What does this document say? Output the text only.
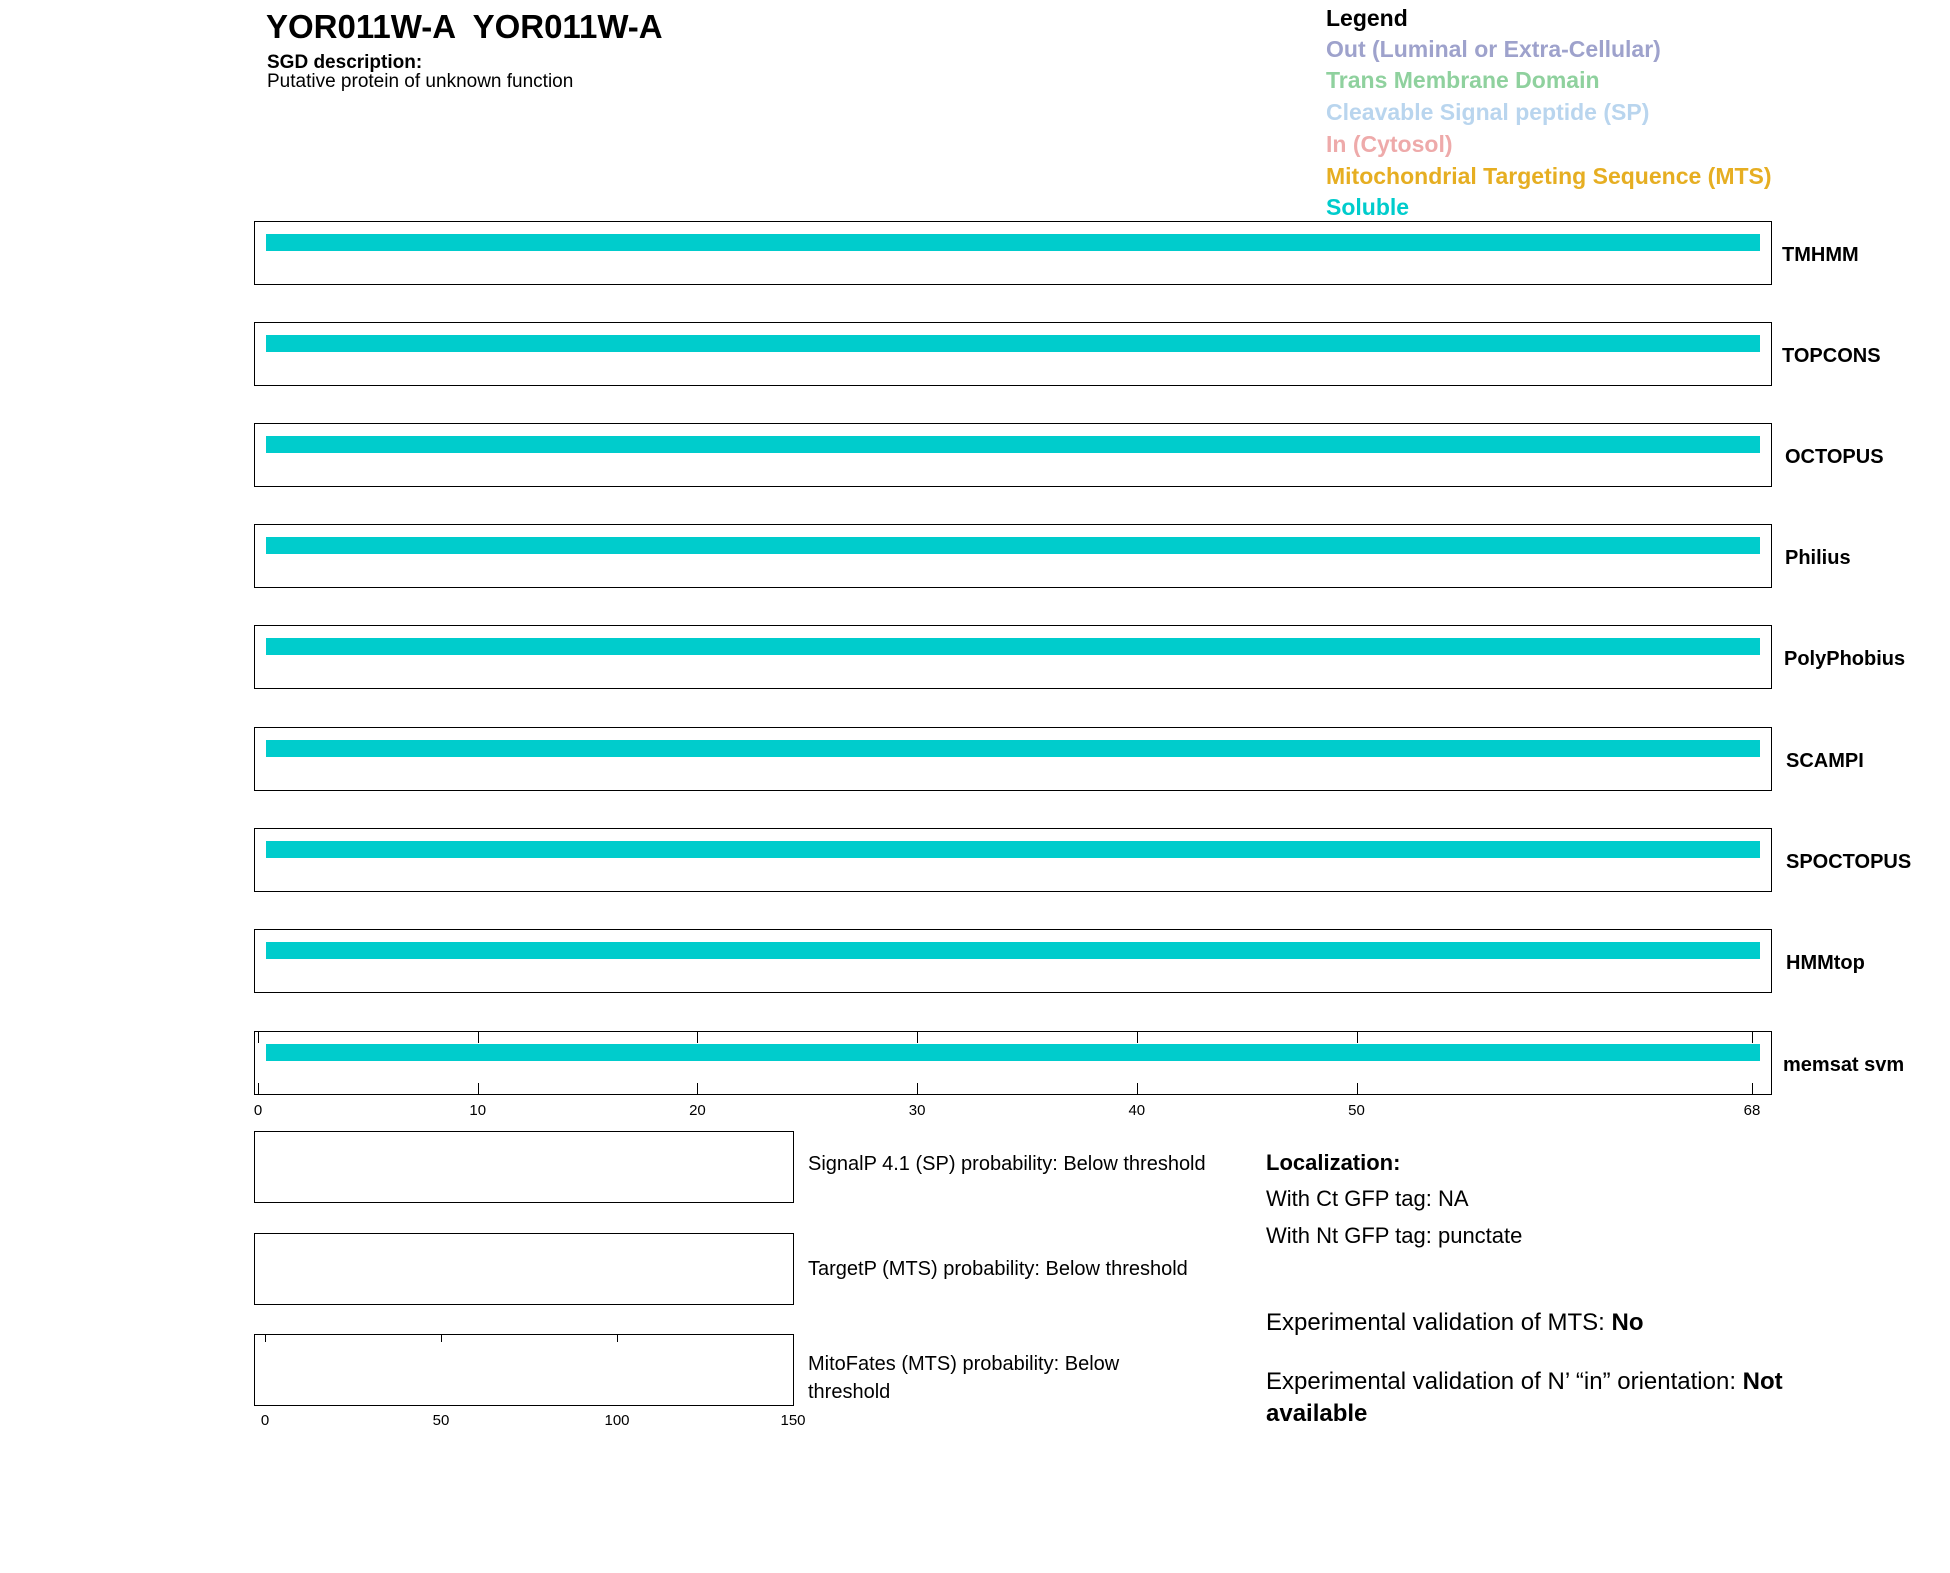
YOR011W-A  YOR011W-A
SGD description:
Putative protein of unknown function
Legend
Out (Luminal or Extra-Cellular)
Trans Membrane Domain
Cleavable Signal peptide (SP)
In (Cytosol)
Mitochondrial Targeting Sequence (MTS)
Soluble
TMHMM
TOPCONS
OCTOPUS
Philius
PolyPhobius
SCAMPI
SPOCTOPUS
HMMtop
memsat svm
0	10	20	30	40	50	68
SignalP 4.1 (SP) probability: Below threshold
TargetP (MTS) probability: Below threshold
MitoFates (MTS) probability: Below threshold
0	50	100	150
Localization:
With Ct GFP tag: NA
With Nt GFP tag: punctate
Experimental validation of MTS: No
Experimental validation of N’ “in” orientation: Not available
